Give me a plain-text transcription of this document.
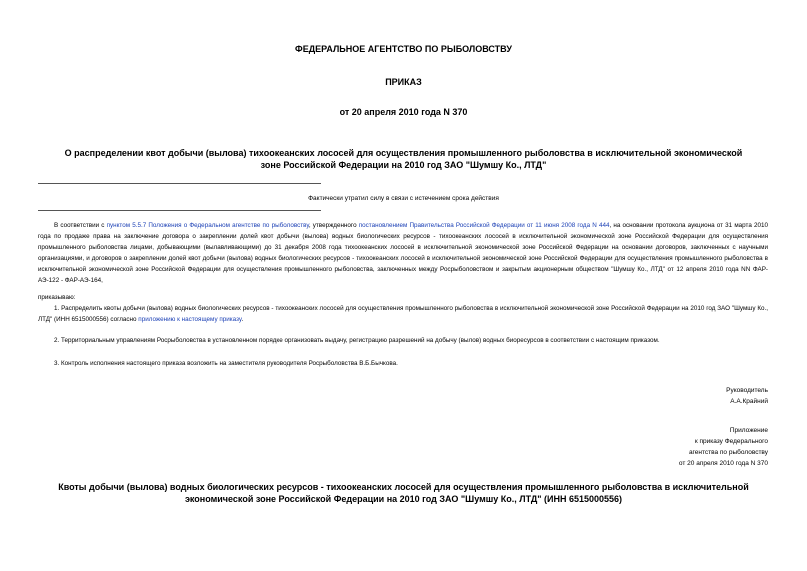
ФЕДЕРАЛЬНОЕ АГЕНТСТВО ПО РЫБОЛОВСТВУ
ПРИКАЗ
от 20 апреля 2010 года N 370
О распределении квот добычи (вылова) тихоокеанских лососей для осуществления промышленного рыболовства в исключительной экономической зоне Российской Федерации на 2010 год ЗАО "Шумшу Ко., ЛТД"
Фактически утратил силу в связи с истечением срока действия
В соответствии с пунктом 5.5.7 Положения о Федеральном агентстве по рыболовству, утвержденного постановлением Правительства Российской Федерации от 11 июня 2008 года N 444, на основании протокола аукциона от 31 марта 2010 года по продаже права на заключение договора о закреплении долей квот добычи (вылова) водных биологических ресурсов - тихоокеанских лососей в исключительной экономической зоне Российской Федерации для осуществления промышленного рыболовства лицами, добывающими (вылавливающими) до 31 декабря 2008 года тихоокеанских лососей в исключительной экономической зоне Российской Федерации на основании договоров, заключенных с научными организациями, и договоров о закреплении долей квот добычи (вылова) водных биологических ресурсов - тихоокеанских лососей в исключительной экономической зоне Российской Федерации для осуществления промышленного рыболовства в исключительной экономической зоне Российской Федерации для осуществления промышленного рыболовства, заключенных между Росрыболовством и закрытым акционерным обществом "Шумшу Ко., ЛТД" от 12 апреля 2010 года NN ФАР-АЭ-122 - ФАР-АЭ-164,
приказываю:
1. Распределить квоты добычи (вылова) водных биологических ресурсов - тихоокеанских лососей для осуществления промышленного рыболовства в исключительной экономической зоне Российской Федерации на 2010 год ЗАО "Шумшу Ко., ЛТД" (ИНН 6515000556) согласно приложению к настоящему приказу.
2. Территориальным управлениям Росрыболовства в установленном порядке организовать выдачу, регистрацию разрешений на добычу (вылов) водных биоресурсов в соответствии с настоящим приказом.
3. Контроль исполнения настоящего приказа возложить на заместителя руководителя Росрыболовства В.Б.Бычкова.
Руководитель
А.А.Крайний
Приложение
к приказу Федерального
агентства по рыболовству
от 20 апреля 2010 года N 370
Квоты добычи (вылова) водных биологических ресурсов - тихоокеанских лососей для осуществления промышленного рыболовства в исключительной экономической зоне Российской Федерации на 2010 год ЗАО "Шумшу Ко., ЛТД" (ИНН 6515000556)
